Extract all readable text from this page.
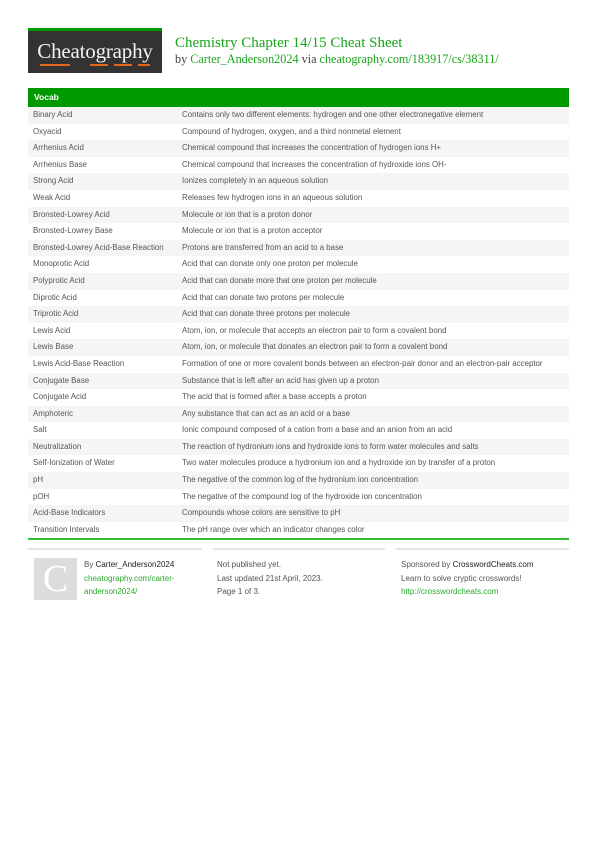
Cheatography	Chemistry Chapter 14/15 Cheat Sheet
by Carter_Anderson2024 via cheatography.com/183917/cs/38311/
Vocab
Binary Acid	Contains only two different elements: hydrogen and one other electronegative element
Oxyacid	Compound of hydrogen, oxygen, and a third nonmetal element
Arrhenius Acid	Chemical compound that increases the concentration of hydrogen ions H+
Arrhenius Base	Chemical compound that increases the concentration of hydroxide ions OH-
Strong Acid	Ionizes completely in an aqueous solution
Weak Acid	Releases few hydrogen ions in an aqueous solution
Bronsted-Lowrey Acid	Molecule or ion that is a proton donor
Bronsted-Lowrey Base	Molecule or ion that is a proton acceptor
Bronsted-Lowrey Acid-Base Reaction	Protons are transferred from an acid to a base
Monoprotic Acid	Acid that can donate only one proton per molecule
Polyprotic Acid	Acid that can donate more that one proton per molecule
Diprotic Acid	Acid that can donate two protons per molecule
Triprotic Acid	Acid that can donate three protons per molecule
Lewis Acid	Atom, ion, or molecule that accepts an electron pair to form a covalent bond
Lewis Base	Atom, ion, or molecule that donates an electron pair to form a covalent bond
Lewis Acid-Base Reaction	Formation of one or more covalent bonds between an electron-pair donor and an electron-pair acceptor
Conjugate Base	Substance that is left after an acid has given up a proton
Conjugate Acid	The acid that is formed after a base accepts a proton
Amphoteric	Any substance that can act as an acid or a base
Salt	Ionic compound composed of a cation from a base and an anion from an acid
Neutralization	The reaction of hydronium ions and hydroxide ions to form water molecules and salts
Self-Ionization of Water	Two water molecules produce a hydronium ion and a hydroxide ion by transfer of a proton
pH	The negative of the common log of the hydronium ion concentration
pOH	The negative of the compound log of the hydroxide ion concentration
Acid-Base Indicators	Compounds whose colors are sensitive to pH
Transition Intervals	The pH range over which an indicator changes color
C	By Carter_Anderson2024
cheatography.com/carter-
anderson2024/
Not published yet.
Last updated 21st April, 2023.
Page 1 of 3.
Sponsored by CrosswordCheats.com
Learn to solve cryptic crosswords!
http://crosswordcheats.com
